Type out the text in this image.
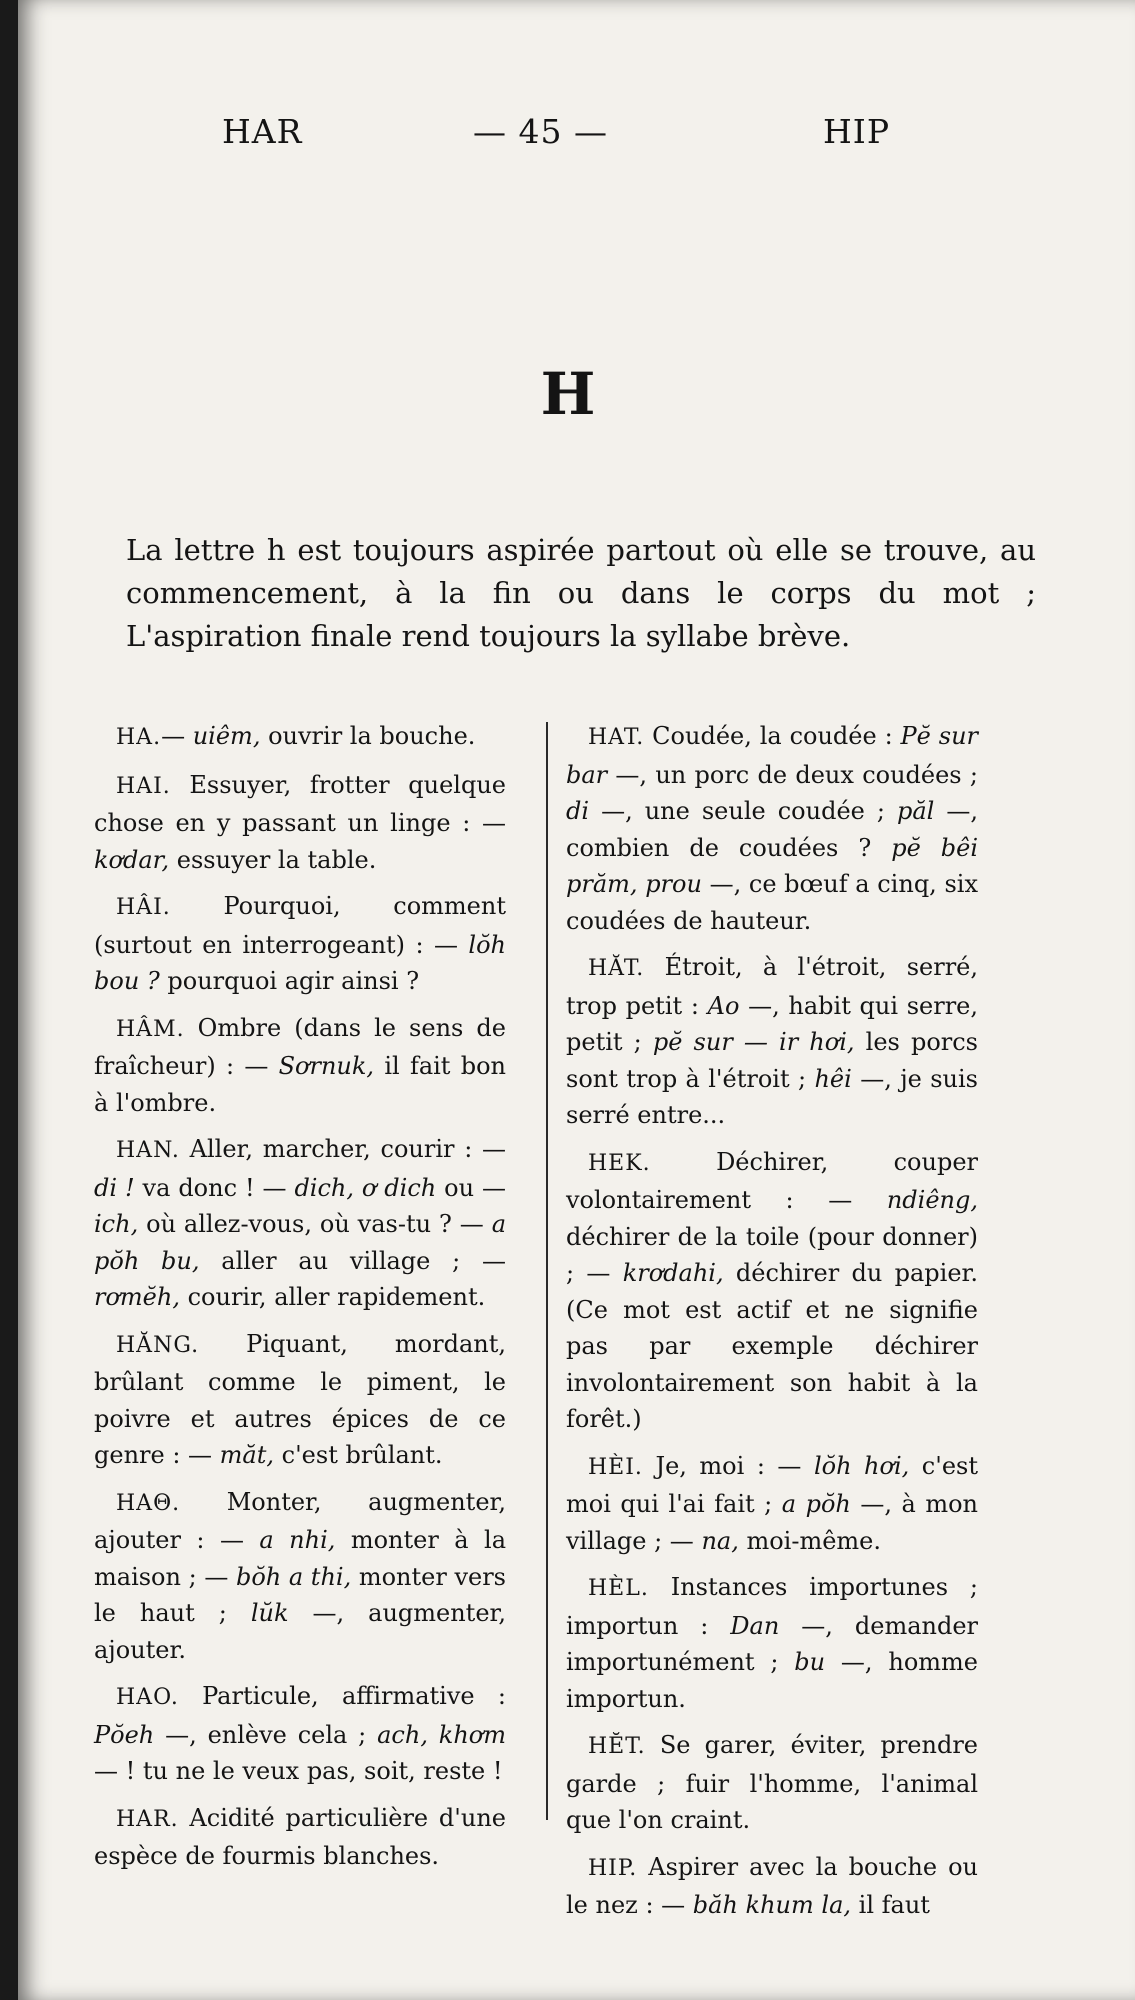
HAR	— 45 —	HIP
H

La lettre h est toujours aspirée partout où elle se trouve, au commencement, à la fin ou dans le corps du mot ; L'aspiration finale rend toujours la syllabe brève.

HA.— uiêm, ouvrir la bouche.

HAI. Essuyer, frotter quelque chose en y passant un linge : — kơdar, essuyer la table.

HÂI. Pourquoi, comment (surtout en interrogeant) : — lŏh bou ? pourquoi agir ainsi ?

HÂM. Ombre (dans le sens de fraîcheur) : — Sơrnuk, il fait bon à l'ombre.

HAN. Aller, marcher, courir : — di ! va donc ! — dich, ơ dich ou — ich, où allez-vous, où vas-tu ? — a pŏh bu, aller au village ; — rơmĕh, courir, aller rapidement.

HĂNG. Piquant, mordant, brûlant comme le piment, le poivre et autres épices de ce genre : — măt, c'est brûlant.

HAΘ. Monter, augmenter, ajouter : — a nhi, monter à la maison ; — bŏh a thi, monter vers le haut ; lŭk —, augmenter, ajouter.

HAO. Particule, affirmative : Pŏeh —, enlève cela ; ach, khơm — ! tu ne le veux pas, soit, reste !

HAR. Acidité particulière d'une espèce de fourmis blanches.

HAT. Coudée, la coudée : Pĕ sur bar —, un porc de deux coudées ; di —, une seule coudée ; păl —, combien de coudées ? pĕ bêi prăm, prou —, ce bœuf a cinq, six coudées de hauteur.

HĂT. Étroit, à l'étroit, serré, trop petit : Ao —, habit qui serre, petit ; pĕ sur — ir hơi, les porcs sont trop à l'étroit ; hêi —, je suis serré entre...

HEK. Déchirer, couper volontairement : — ndiêng, déchirer de la toile (pour donner) ; — krơdahi, déchirer du papier. (Ce mot est actif et ne signifie pas par exemple déchirer involontairement son habit à la forêt.)

HÈI. Je, moi : — lŏh hơi, c'est moi qui l'ai fait ; a pŏh —, à mon village ; — na, moi-même.

HÈL. Instances importunes ; importun : Dan —, demander importunément ; bu —, homme importun.

HĔT. Se garer, éviter, prendre garde ; fuir l'homme, l'animal que l'on craint.

HIP. Aspirer avec la bouche ou le nez : — băh khum la, il faut
